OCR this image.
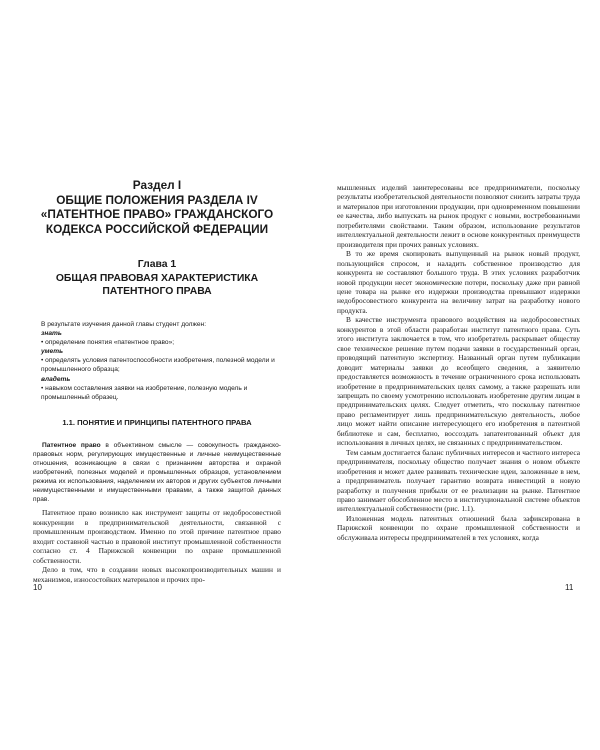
Раздел I
ОБЩИЕ ПОЛОЖЕНИЯ РАЗДЕЛА IV
«ПАТЕНТНОЕ ПРАВО» ГРАЖДАНСКОГО
КОДЕКСА РОССИЙСКОЙ ФЕДЕРАЦИИ
Глава 1
ОБЩАЯ ПРАВОВАЯ ХАРАКТЕРИСТИКА
ПАТЕНТНОГО ПРАВА

В результате изучения данной главы студент должен:

знать

• определение понятия «патентное право»;

уметь

• определять условия патентоспособности изобретения, полезной модели и промышленного образца;

владеть

• навыком составления заявки на изобретение, полезную модель и промышленный образец.

1.1. ПОНЯТИЕ И ПРИНЦИПЫ ПАТЕНТНОГО ПРАВА

Патентное право в объективном смысле — совокупность гражданско-правовых норм, регулирующих имущественные и личные неимущественные отношения, возникающие в связи с признанием авторства и охраной изобретений, полезных моделей и промышленных образцов, установлением режима их использования, наделением их авторов и других субъектов личными неимущественными и имущественными правами, а также защитой данных прав.

Патентное право возникло как инструмент защиты от недобросовестной конкуренции в предпринимательской деятельности, связанной с промышленным производством. Именно по этой причине патентное право входит составной частью в правовой институт промышленной собственности согласно ст. 4 Парижской конвенции по охране промышленной собственности.

Дело в том, что в создании новых высокопроизводительных машин и механизмов, износостойких материалов и прочих про-

10

мышленных изделий заинтересованы все предприниматели, поскольку результаты изобретательской деятельности позволяют снизить затраты труда и материалов при изготовлении продукции, при одновременном повышении ее качества, либо выпускать на рынок продукт с новыми, востребованными потребителями свойствами. Таким образом, использование результатов интеллектуальной деятельности лежит в основе конкурентных преимуществ производителя при прочих равных условиях.

В то же время скопировать выпущенный на рынок новый продукт, пользующийся спросом, и наладить собственное производство для конкурента не составляют большого труда. В этих условиях разработчик новой продукции несет экономические потери, поскольку даже при равной цене товара на рынке его издержки производства превышают издержки недобросовестного конкурента на величину затрат на разработку нового продукта.

В качестве инструмента правового воздействия на недобросовестных конкурентов в этой области разработан институт патентного права. Суть этого института заключается в том, что изобретатель раскрывает обществу свое техническое решение путем подачи заявки в государственный орган, проводящий патентную экспертизу. Названный орган путем публикации доводит материалы заявки до всеобщего сведения, а заявителю предоставляется возможность в течение ограниченного срока использовать изобретение в предпринимательских целях самому, а также разрешать или запрещать по своему усмотрению использовать изобретение другим лицам в предпринимательских целях. Следует отметить, что поскольку патентное право регламентирует лишь предпринимательскую деятельность, любое лицо может найти описание интересующего его изобретения в патентной библиотеке и сам, бесплатно, воссоздать запатентованный объект для использования в личных целях, не связанных с предпринимательством.

Тем самым достигается баланс публичных интересов и частного интереса предпринимателя, поскольку общество получает знания о новом объекте изобретения и может далее развивать технические идеи, заложенные в нем, а предприниматель получает гарантию возврата инвестиций в новую разработку и получения прибыли от ее реализации на рынке. Патентное право занимает обособленное место в институциональной системе объектов интеллектуальной собственности (рис. 1.1).

Изложенная модель патентных отношений была зафиксирована в Парижской конвенции по охране промышленной собственности и обслуживала интересы предпринимателей в тех условиях, когда

11
